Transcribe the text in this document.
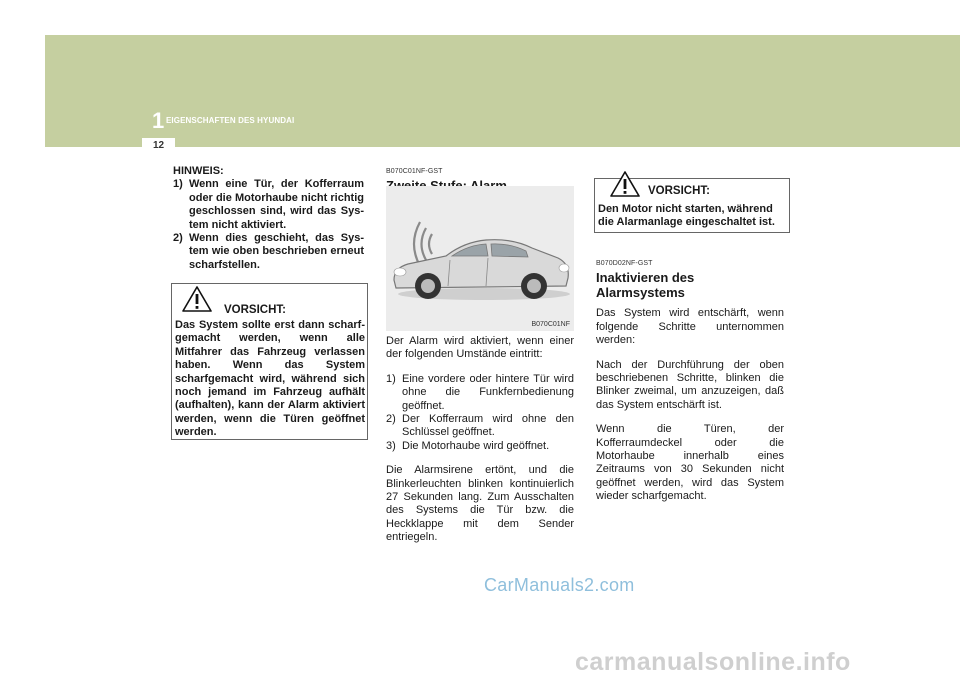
1 EIGENSCHAFTEN DES HYUNDAI
12
HINWEIS:
1) Wenn eine Tür, der Kofferraum oder die Motorhaube nicht richtig geschlossen sind, wird das Sys-tem nicht aktiviert.
2) Wenn dies geschieht, das Sys-tem wie oben beschrieben erneut scharfstellen.
VORSICHT:
Das System sollte erst dann scharf-gemacht werden, wenn alle Mitfahrer das Fahrzeug verlassen haben. Wenn das System scharfgemacht wird, während sich noch jemand im Fahrzeug aufhält (aufhalten), kann der Alarm aktiviert werden, wenn die Türen geöffnet werden.
B070C01NF-GST
B070C01NF

Der Alarm wird aktiviert, wenn einer der folgenden Umstände eintritt:

1) Eine vordere oder hintere Tür wird ohne die Funkfernbedienung geöffnet.
2) Der Kofferraum wird ohne den Schlüssel geöffnet.
3) Die Motorhaube wird geöffnet.

Die Alarmsirene ertönt, und die Blinkerleuchten blinken kontinuierlich 27 Sekunden lang. Zum Ausschalten des Systems die Tür bzw. die Heckklappe mit dem Sender entriegeln.

VORSICHT:
Den Motor nicht starten, während die Alarmanlage eingeschaltet ist.
B070D02NF-GST
Inaktivieren des Alarmsystems

Das System wird entschärft, wenn folgende Schritte unternommen werden:

Nach der Durchführung der oben beschriebenen Schritte, blinken die Blinker zweimal, um anzuzeigen, daß das System entschärft ist.

Wenn die Türen, der Kofferraumdeckel oder die Motorhaube innerhalb eines Zeitraums von 30 Sekunden nicht geöffnet werden, wird das System wieder scharfgemacht.

CarManuals2.com
carmanualsonline.info
